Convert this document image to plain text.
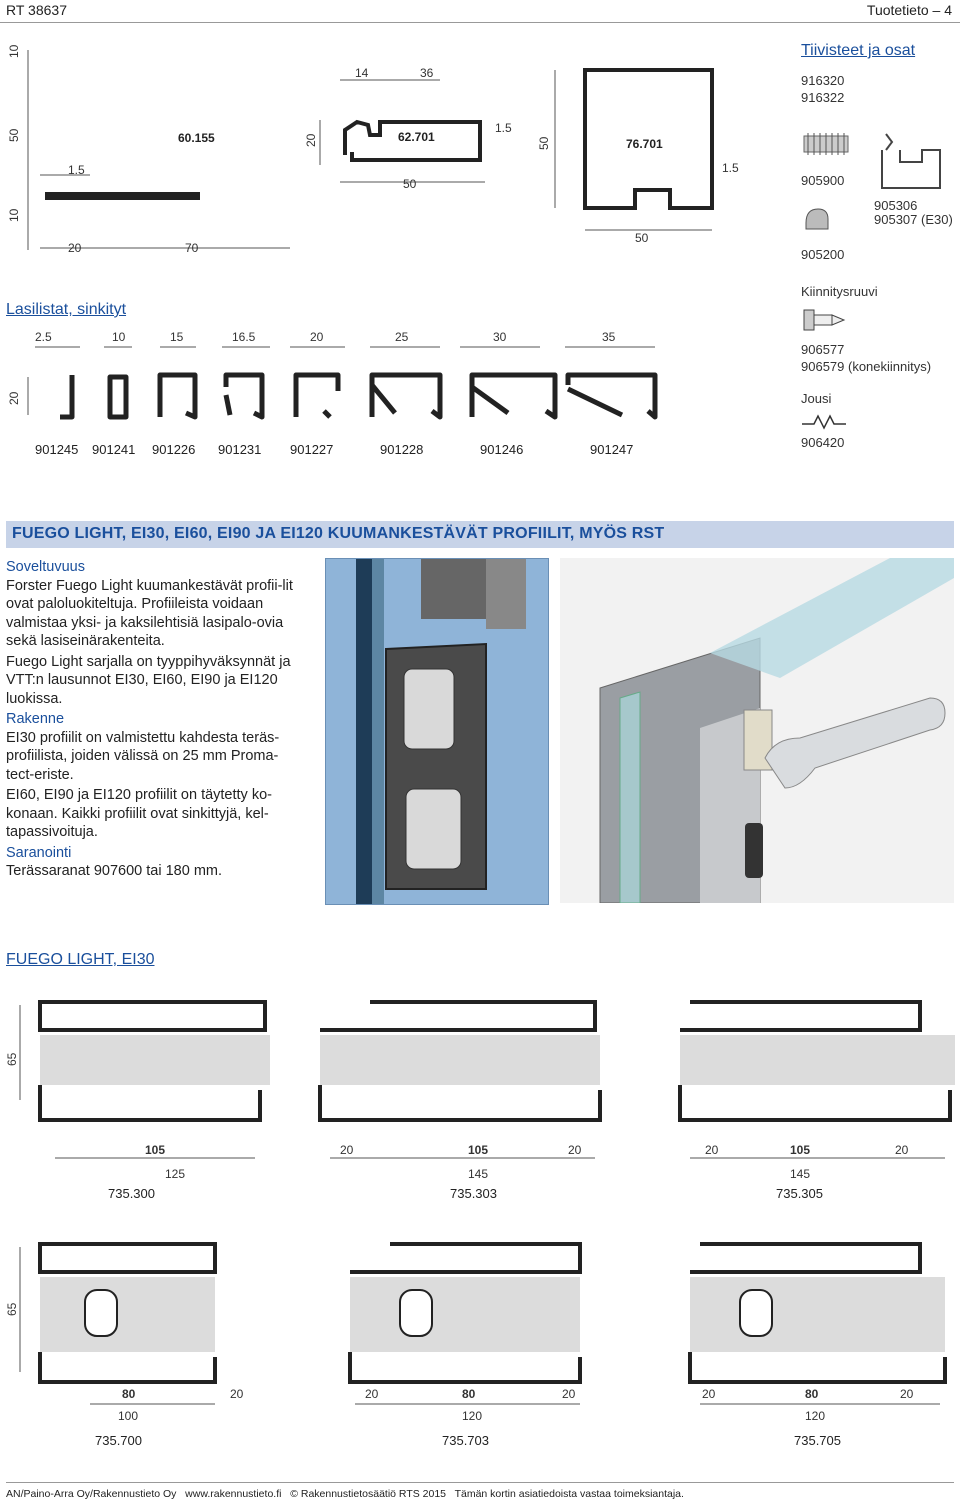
RT 38637	Tuotetieto – 4
10
50
10
1.5
20	70
60.155
14	36
20
50
1.5
62.701	50
1.5
50
76.701
Tiivisteet ja osat
916320
916322
905900
905306
905307 (E30)
905200
Kiinnitysruuvi
906577
906579 (konekiinnitys)
Jousi
906420
Lasilistat, sinkityt
20
2.5	10	15	16.5	20	25	30	35
901245 901241 901226 901231 901227	901228	901246	901247
FUEGO LIGHT, EI30, EI60, EI90 JA EI120 KUUMANKESTÄVÄT PROFIILIT, MYÖS RST
Soveltuvuus

Forster Fuego Light kuumankestävät profii-lit ovat paloluokiteltuja. Profiileista voidaan valmistaa yksi- ja kaksilehtisiä lasipalo-ovia sekä lasiseinärakenteita.

Fuego Light sarjalla on tyyppihyväksynnät ja VTT:n lausunnot EI30, EI60, EI90 ja EI120 luokissa.

Rakenne

EI30 profiilit on valmistettu kahdesta teräs-profiilista, joiden välissä on 25 mm Proma-tect-eriste.

EI60, EI90 ja EI120 profiilit on täytetty ko-konaan. Kaikki profiilit ovat sinkittyjä, kel-tapassivoituja.

Saranointi

Terässaranat 907600 tai 180 mm.

FUEGO LIGHT, EI30
65
105
125
20	105	20
145
20	105	20
145
735.300	735.303	735.305
65
80	20
100
20	80	20
120
20	80	20
120
735.700	735.703	735.705
AN/Paino-Arra Oy/Rakennustieto Oy   www.rakennustieto.fi   © Rakennustietosäätiö RTS 2015   Tämän kortin asiatiedoista vastaa toimeksiantaja.
